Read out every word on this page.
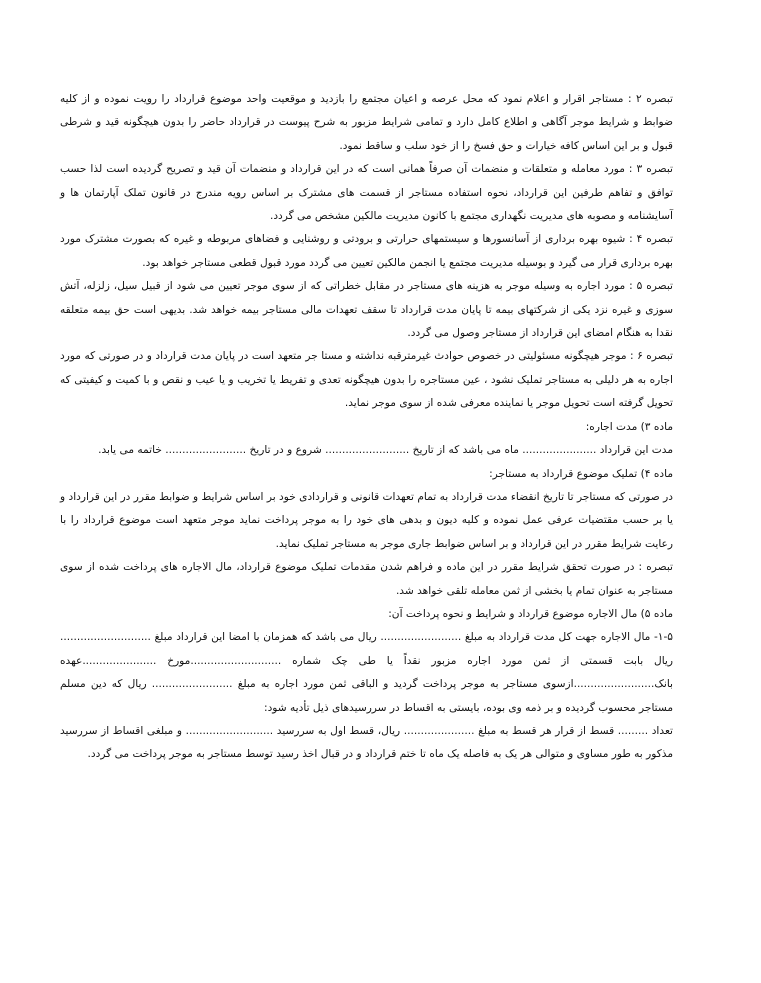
تبصره ۲ : مستاجر اقرار و اعلام نمود که محل عرصه و اعیان مجتمع را بازدید و موقعیت واحد موضوع قرارداد را رویت نموده و از کلیه ضوابط و شرایط موجر آگاهی و اطلاع کامل دارد و تمامی شرایط مزبور به شرح پیوست در قرارداد حاضر را بدون هیچگونه قید و شرطی قبول و بر این اساس کافه خیارات و حق فسخ را از خود سلب و ساقط نمود.

تبصره ۳ : مورد معامله و متعلقات و منضمات آن صرفاً همانی است که در این قرارداد و منضمات آن قید و تصریح گردیده است لذا حسب توافق و تفاهم طرفین این قرارداد، نحوه استفاده مستاجر از قسمت های مشترک بر اساس رویه مندرج در قانون تملک آپارتمان ها و آسایشنامه و مصوبه های مدیریت نگهداری مجتمع با کانون مدیریت مالکین مشخص می گردد.

تبصره ۴ : شیوه بهره برداری از آسانسورها و سیستمهای حرارتی و برودتی و روشنایی و فضاهای مربوطه و غیره که بصورت مشترک مورد بهره برداری قرار می گیرد و بوسیله مدیریت مجتمع یا انجمن مالکین تعیین می گردد مورد قبول قطعی مستاجر خواهد بود.

تبصره ۵ : مورد اجاره به وسیله موجر به هزینه های مستاجر در مقابل خطراتی که از سوی موجر تعیین می شود از قبیل سیل، زلزله، آتش سوزی و غیره نزد یکی از شرکتهای بیمه تا پایان مدت قرارداد تا سقف تعهدات مالی مستاجر بیمه خواهد شد. بدیهی است حق بیمه متعلقه نقدا به هنگام امضای این قرارداد از مستاجر وصول می گردد.

تبصره ۶ : موجر هیچگونه مسئولیتی در خصوص حوادث غیرمترقبه نداشته و مستا جر متعهد است در پایان مدت قرارداد و در صورتی که مورد اجاره به هر دلیلی به مستاجر تملیک نشود ، عین مستاجره را بدون هیچگونه تعدی و تفریط یا تخریب و یا عیب و نقص و با کمیت و کیفیتی که تحویل گرفته است تحویل موجر یا نماینده معرفی شده از سوی موجر نماید.

ماده ۳) مدت اجاره:

مدت این قرارداد ...................... ماه می باشد که از تاریخ ......................... شروع و در تاریخ ........................ خاتمه می یابد.

ماده ۴) تملیک موضوع قرارداد به مستاجر:

در صورتی که مستاجر تا تاریخ انقضاء مدت قرارداد به تمام تعهدات قانونی و قراردادی خود بر اساس شرایط و ضوابط مقرر در این قرارداد و یا بر حسب مقتضیات عرفی عمل نموده و کلیه دیون و بدهی های خود را به موجر پرداخت نماید موجر متعهد است موضوع قرارداد را با رعایت شرایط مقرر در این قرارداد و بر اساس ضوابط جاری موجر به مستاجر تملیک نماید.

تبصره : در صورت تحقق شرایط مقرر در این ماده و فراهم شدن مقدمات تملیک موضوع قرارداد، مال الاجاره های پرداخت شده از سوی مستاجر به عنوان تمام یا بخشی از ثمن معامله تلقی خواهد شد.

ماده ۵) مال الاجاره موضوع قرارداد و شرایط و نحوه پرداخت آن:

۱-۵- مال الاجاره جهت کل مدت قرارداد به مبلغ ........................ ریال می باشد که همزمان با امضا این قرارداد مبلغ ........................... ریال بابت قسمتی از ثمن مورد اجاره مزبور نقداً یا طی چک شماره ...........................مورخ ......................عهده بانک........................ازسوی مستاجر به موجر پرداخت گردید و الباقی ثمن مورد اجاره به مبلغ ........................ ریال که دین مسلم مستاجر محسوب گردیده و بر ذمه وی بوده، بایستی به اقساط در سررسیدهای ذیل تأدیه شود:

تعداد ......... قسط از قرار هر قسط به مبلغ ..................... ریال، قسط اول به سررسید .......................... و مبلغی اقساط از سررسید مذکور به طور مساوی و متوالی هر یک به فاصله یک ماه تا ختم قرارداد و در قبال اخذ رسید توسط مستاجر به موجر پرداخت می گردد.
